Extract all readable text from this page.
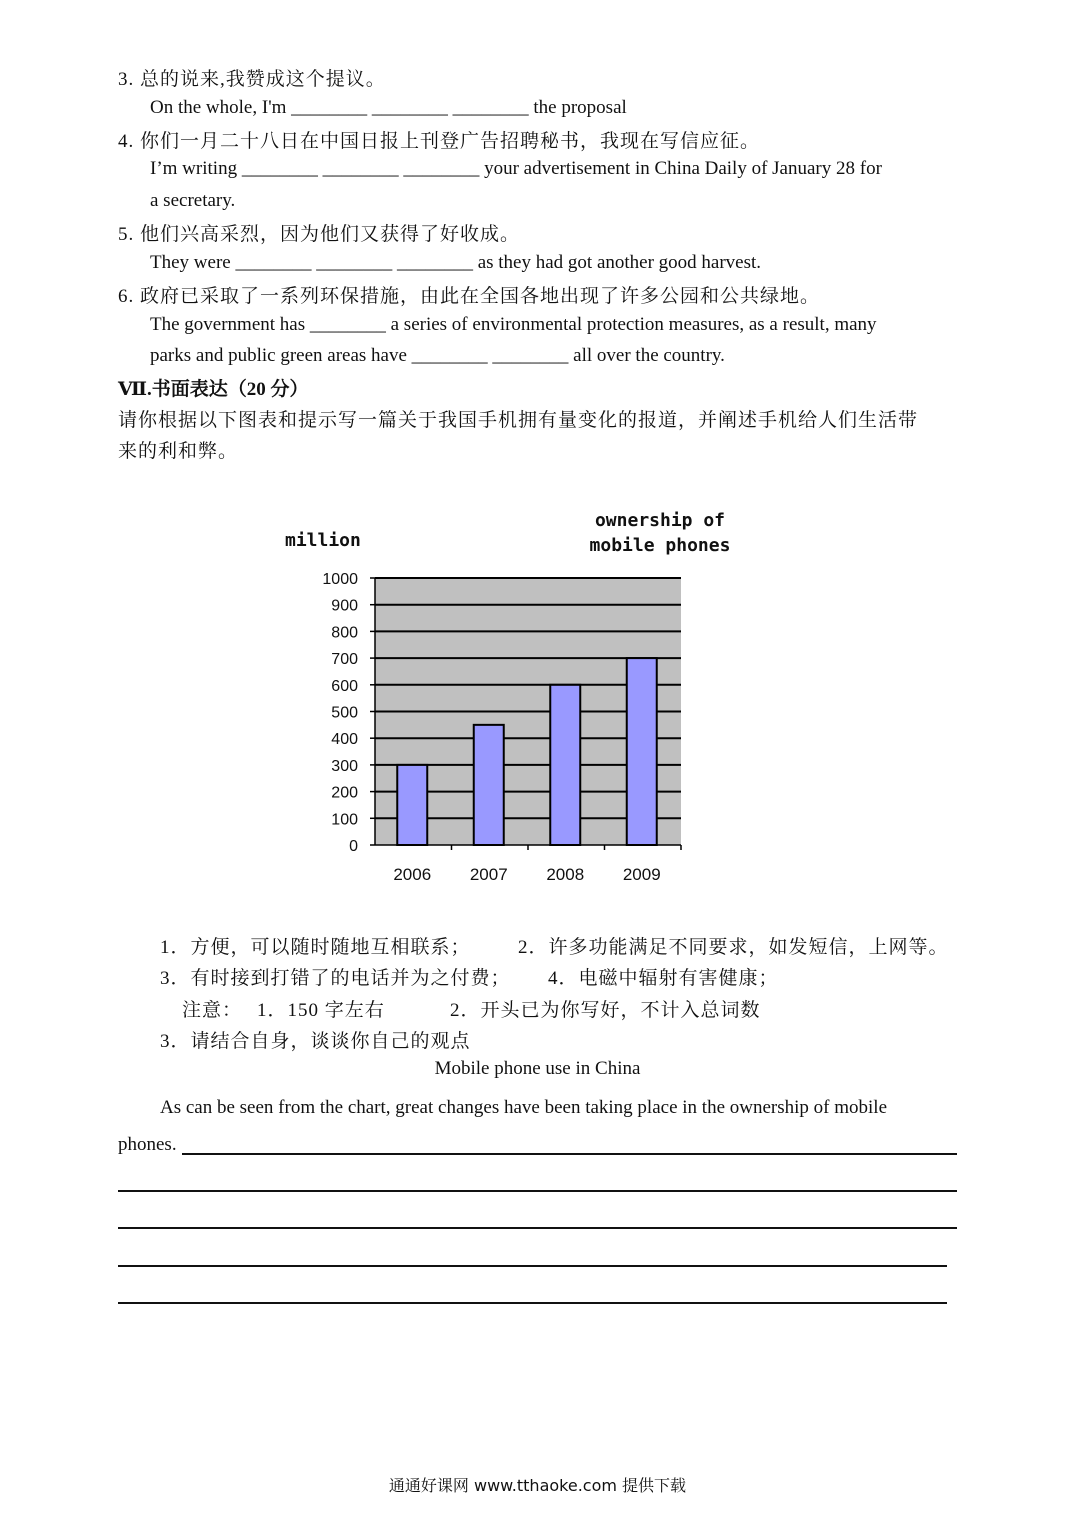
3. 总的说来,我赞成这个提议。
On the whole, I'm ________ ________ ________ the proposal
4. 你们一月二十八日在中国日报上刊登广告招聘秘书，我现在写信应征。
I’m writing ________ ________ ________ your advertisement in China Daily of January 28 for
a secretary.
5. 他们兴高采烈，因为他们又获得了好收成。
They were ________ ________ ________ as they had got another good harvest.
6. 政府已采取了一系列环保措施，由此在全国各地出现了许多公园和公共绿地。
The government has ________ a series of environmental protection measures, as a result, many
parks and public green areas have ________ ________ all over the country.
Ⅶ.书面表达（20 分）
请你根据以下图表和提示写一篇关于我国手机拥有量变化的报道，并阐述手机给人们生活带
来的利和弊。
million
ownership of
mobile phones
1000
900
800
700
600
500
400
300
200
100
0
2006 2007 2008 2009
1．方便，可以随时随地互相联系； 2．许多功能满足不同要求，如发短信，上网等。
3．有时接到打错了的电话并为之付费； 4．电磁中辐射有害健康；
注意： 1．150 字左右	2．开头已为你写好，不计入总词数
3．请结合自身，谈谈你自己的观点
Mobile phone use in China
As can be seen from the chart, great changes have been taking place in the ownership of mobile
phones.
通通好课网 www.tthaoke.com 提供下载
